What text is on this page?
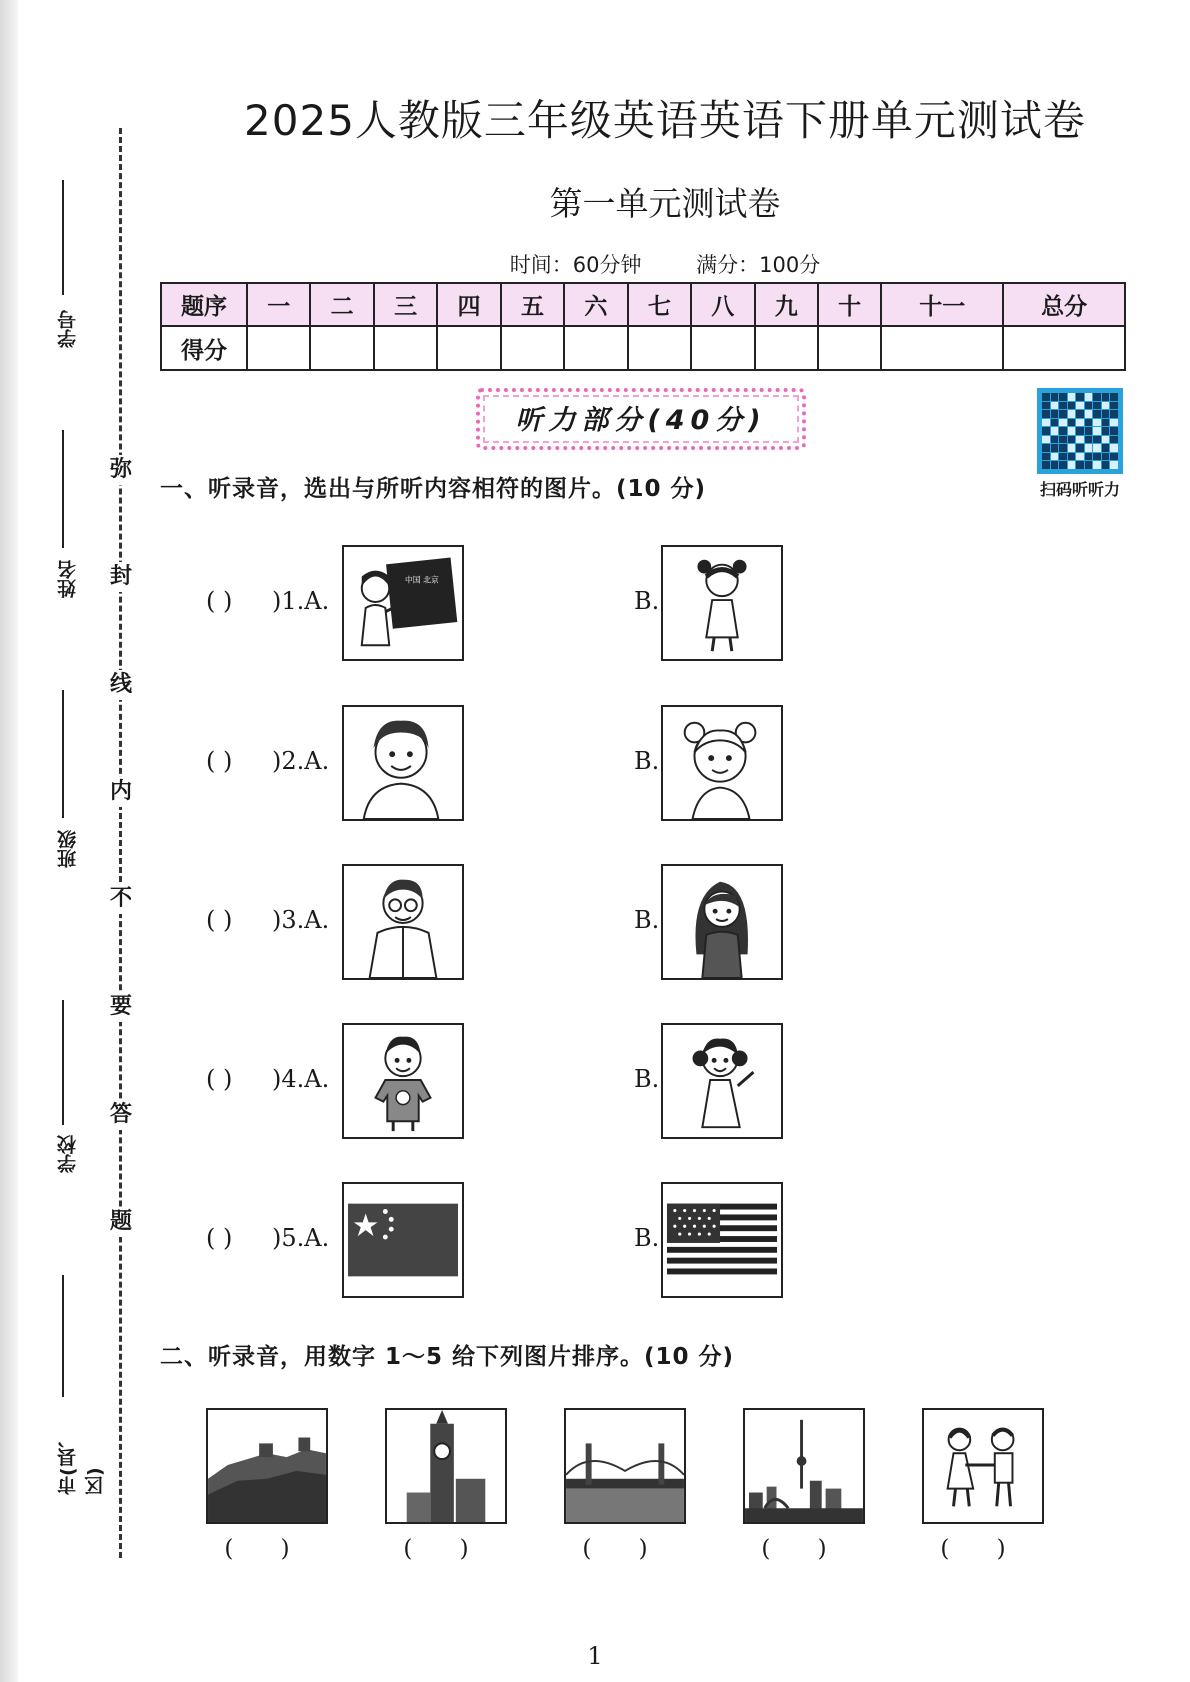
学号
姓名
班级
学校
市(县、区)
弥
封
线
内
不
要
答
题
2025人教版三年级英语英语下册单元测试卷
第一单元测试卷
时间：60分钟	满分：100分
题序	一	二	三	四	五	六	七	八	九	十	十一	总分
得分												
听力部分(40分)
扫码听听力
一、听录音，选出与所听内容相符的图片。(10 分)
( ) )1.A.
中国 北京
B.
( ) )2.A.	B.
( ) )3.A.	B.
( ) )4.A.	B.
( ) )5.A.	B.
二、听录音，用数字 1～5 给下列图片排序。(10 分)
( )	( )	( )	( )	( )
1
